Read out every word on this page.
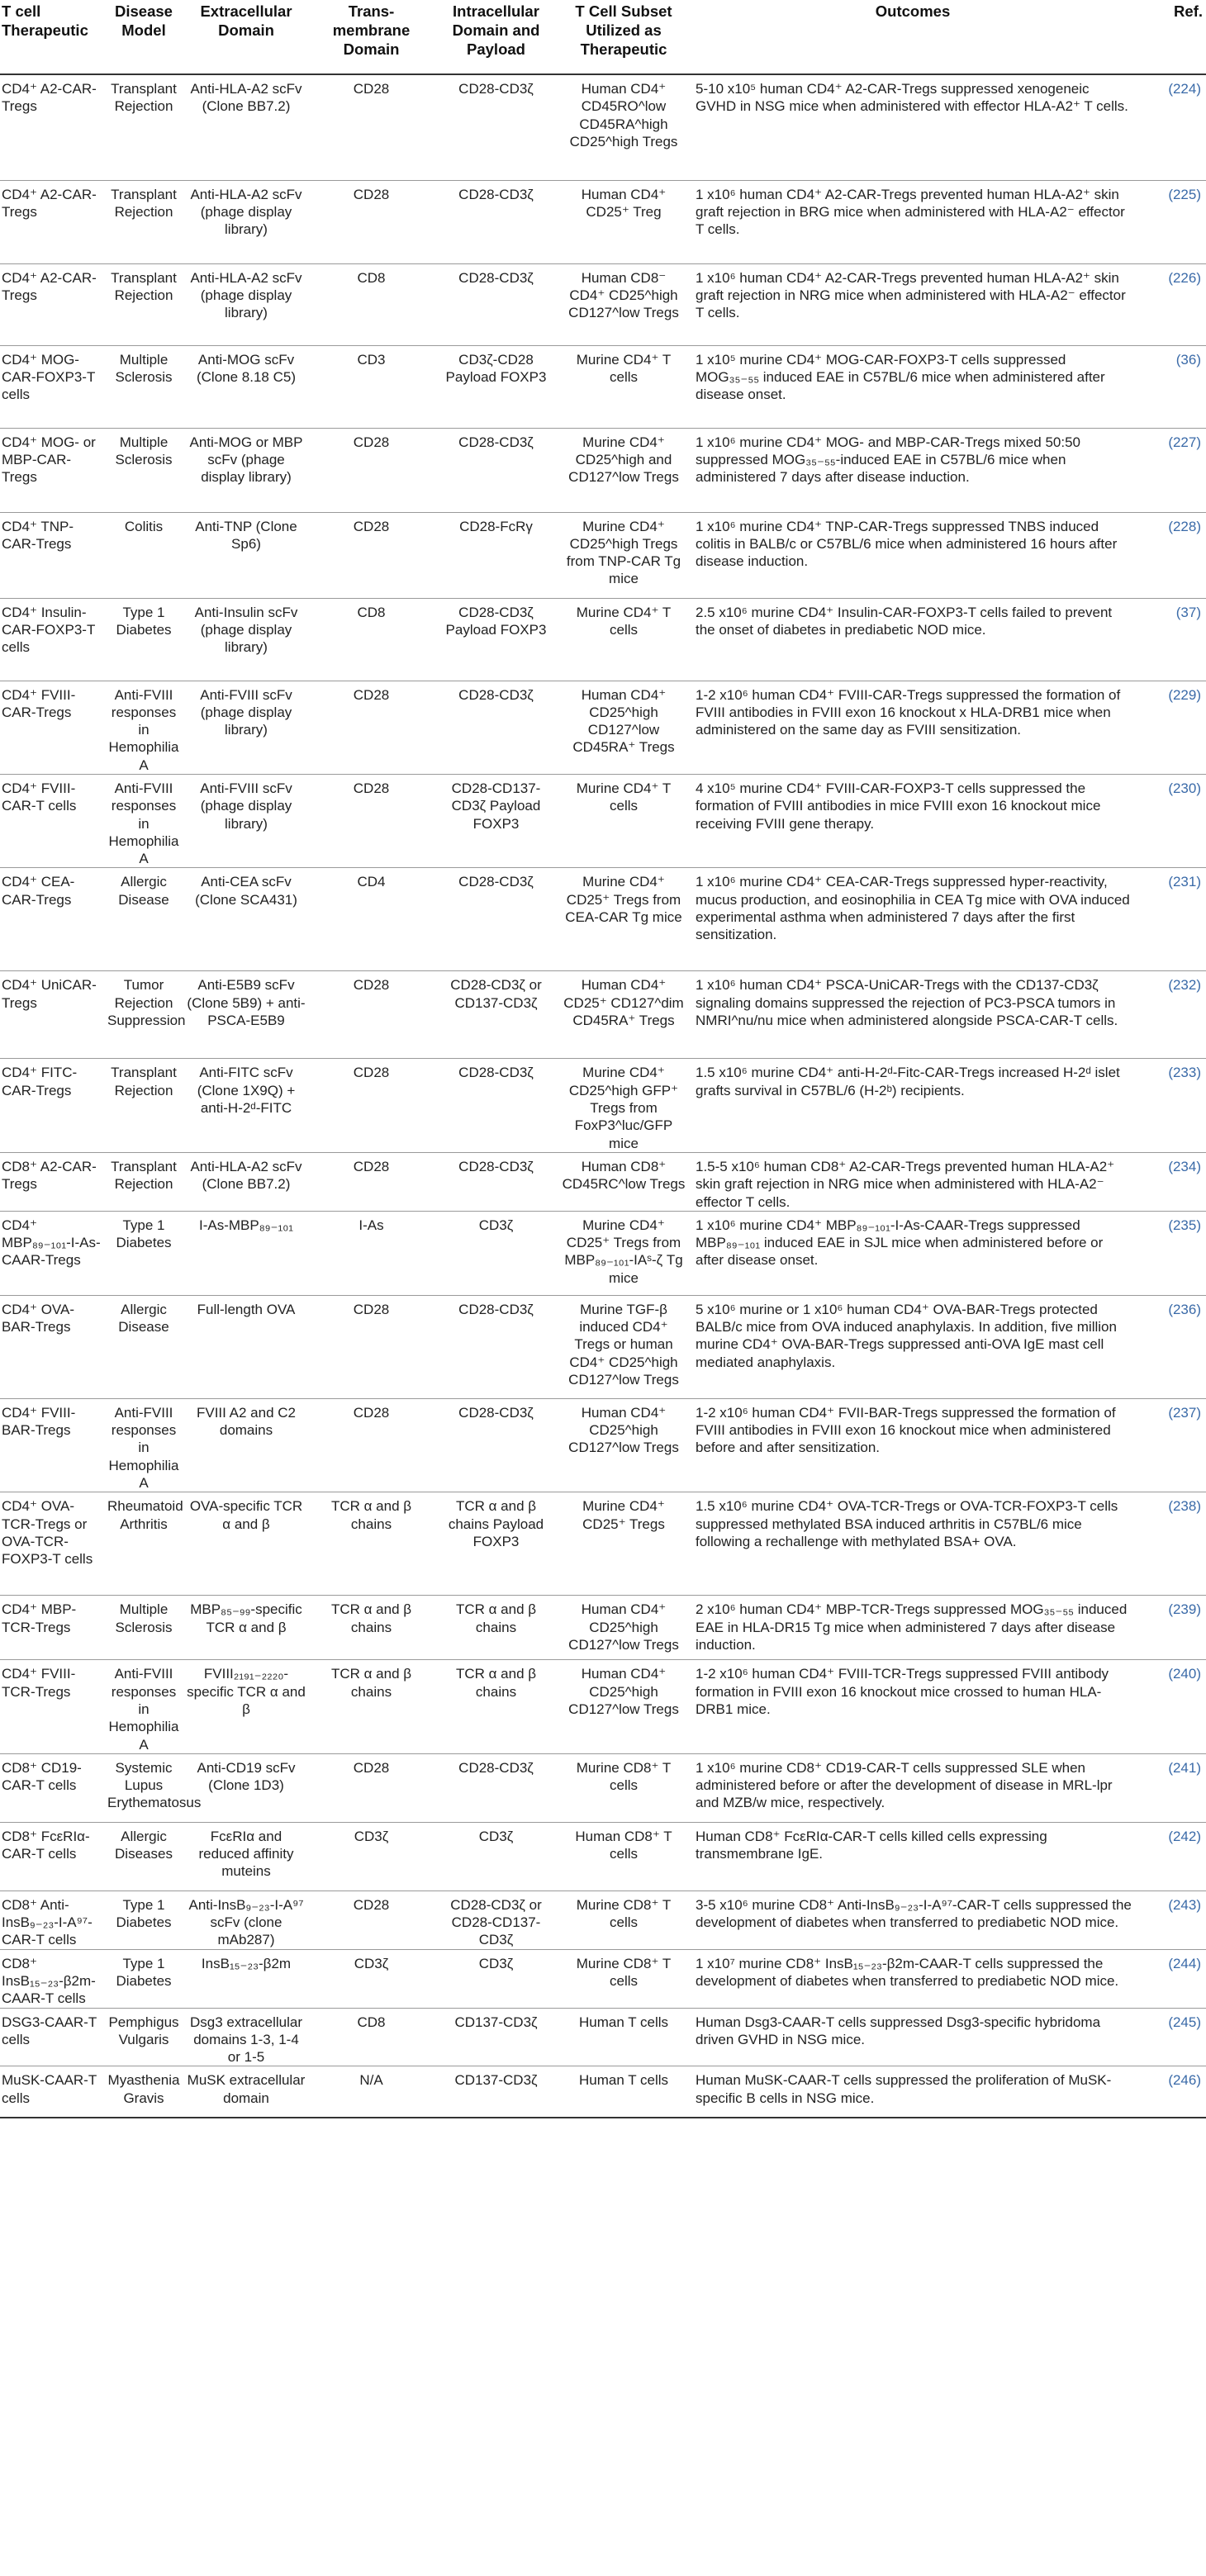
T cell Therapeutic	Disease Model	Extracellular Domain	Trans-membrane Domain	Intracellular Domain and Payload	T Cell Subset Utilized as Therapeutic	Outcomes	Ref.
CD4⁺ A2-CAR-Tregs	Transplant Rejection	Anti-HLA-A2 scFv (Clone BB7.2)	CD28	CD28-CD3ζ	Human CD4⁺ CD45RO^low CD45RA^high CD25^high Tregs	5-10 x10⁵ human CD4⁺ A2-CAR-Tregs suppressed xenogeneic GVHD in NSG mice when administered with effector HLA-A2⁺ T cells.	(224)
CD4⁺ A2-CAR-Tregs	Transplant Rejection	Anti-HLA-A2 scFv (phage display library)	CD28	CD28-CD3ζ	Human CD4⁺ CD25⁺ Treg	1 x10⁶ human CD4⁺ A2-CAR-Tregs prevented human HLA-A2⁺ skin graft rejection in BRG mice when administered with HLA-A2⁻ effector T cells.	(225)
CD4⁺ A2-CAR-Tregs	Transplant Rejection	Anti-HLA-A2 scFv (phage display library)	CD8	CD28-CD3ζ	Human CD8⁻ CD4⁺ CD25^high CD127^low Tregs	1 x10⁶ human CD4⁺ A2-CAR-Tregs prevented human HLA-A2⁺ skin graft rejection in NRG mice when administered with HLA-A2⁻ effector T cells.	(226)
CD4⁺ MOG-CAR-FOXP3-T cells	Multiple Sclerosis	Anti-MOG scFv (Clone 8.18 C5)	CD3	CD3ζ-CD28 Payload FOXP3	Murine CD4⁺ T cells	1 x10⁵ murine CD4⁺ MOG-CAR-FOXP3-T cells suppressed MOG₃₅₋₅₅ induced EAE in C57BL/6 mice when administered after disease onset.	(36)
CD4⁺ MOG- or MBP-CAR-Tregs	Multiple Sclerosis	Anti-MOG or MBP scFv (phage display library)	CD28	CD28-CD3ζ	Murine CD4⁺ CD25^high and CD127^low Tregs	1 x10⁶ murine CD4⁺ MOG- and MBP-CAR-Tregs mixed 50:50 suppressed MOG₃₅₋₅₅-induced EAE in C57BL/6 mice when administered 7 days after disease induction.	(227)
CD4⁺ TNP-CAR-Tregs	Colitis	Anti-TNP (Clone Sp6)	CD28	CD28-FcRγ	Murine CD4⁺ CD25^high Tregs from TNP-CAR Tg mice	1 x10⁶ murine CD4⁺ TNP-CAR-Tregs suppressed TNBS induced colitis in BALB/c or C57BL/6 mice when administered 16 hours after disease induction.	(228)
CD4⁺ Insulin-CAR-FOXP3-T cells	Type 1 Diabetes	Anti-Insulin scFv (phage display library)	CD8	CD28-CD3ζ Payload FOXP3	Murine CD4⁺ T cells	2.5 x10⁶ murine CD4⁺ Insulin-CAR-FOXP3-T cells failed to prevent the onset of diabetes in prediabetic NOD mice.	(37)
CD4⁺ FVIII-CAR-Tregs	Anti-FVIII responses in Hemophilia A	Anti-FVIII scFv (phage display library)	CD28	CD28-CD3ζ	Human CD4⁺ CD25^high CD127^low CD45RA⁺ Tregs	1-2 x10⁶ human CD4⁺ FVIII-CAR-Tregs suppressed the formation of FVIII antibodies in FVIII exon 16 knockout x HLA-DRB1 mice when administered on the same day as FVIII sensitization.	(229)
CD4⁺ FVIII-CAR-T cells	Anti-FVIII responses in Hemophilia A	Anti-FVIII scFv (phage display library)	CD28	CD28-CD137-CD3ζ Payload FOXP3	Murine CD4⁺ T cells	4 x10⁵ murine CD4⁺ FVIII-CAR-FOXP3-T cells suppressed the formation of FVIII antibodies in mice FVIII exon 16 knockout mice receiving FVIII gene therapy.	(230)
CD4⁺ CEA-CAR-Tregs	Allergic Disease	Anti-CEA scFv (Clone SCA431)	CD4	CD28-CD3ζ	Murine CD4⁺ CD25⁺ Tregs from CEA-CAR Tg mice	1 x10⁶ murine CD4⁺ CEA-CAR-Tregs suppressed hyper-reactivity, mucus production, and eosinophilia in CEA Tg mice with OVA induced experimental asthma when administered 7 days after the first sensitization.	(231)
CD4⁺ UniCAR-Tregs	Tumor Rejection Suppression	Anti-E5B9 scFv (Clone 5B9) + anti-PSCA-E5B9	CD28	CD28-CD3ζ or CD137-CD3ζ	Human CD4⁺ CD25⁺ CD127^dim CD45RA⁺ Tregs	1 x10⁶ human CD4⁺ PSCA-UniCAR-Tregs with the CD137-CD3ζ signaling domains suppressed the rejection of PC3-PSCA tumors in NMRI^nu/nu mice when administered alongside PSCA-CAR-T cells.	(232)
CD4⁺ FITC-CAR-Tregs	Transplant Rejection	Anti-FITC scFv (Clone 1X9Q) + anti-H-2ᵈ-FITC	CD28	CD28-CD3ζ	Murine CD4⁺ CD25^high GFP⁺ Tregs from FoxP3^luc/GFP mice	1.5 x10⁶ murine CD4⁺ anti-H-2ᵈ-Fitc-CAR-Tregs increased H-2ᵈ islet grafts survival in C57BL/6 (H-2ᵇ) recipients.	(233)
CD8⁺ A2-CAR-Tregs	Transplant Rejection	Anti-HLA-A2 scFv (Clone BB7.2)	CD28	CD28-CD3ζ	Human CD8⁺ CD45RC^low Tregs	1.5-5 x10⁶ human CD8⁺ A2-CAR-Tregs prevented human HLA-A2⁺ skin graft rejection in NRG mice when administered with HLA-A2⁻ effector T cells.	(234)
CD4⁺ MBP₈₉₋₁₀₁-I-As- CAAR-Tregs	Type 1 Diabetes	I-As-MBP₈₉₋₁₀₁	I-As	CD3ζ	Murine CD4⁺ CD25⁺ Tregs from MBP₈₉₋₁₀₁-IAˢ-ζ Tg mice	1 x10⁶ murine CD4⁺ MBP₈₉₋₁₀₁-I-As-CAAR-Tregs suppressed MBP₈₉₋₁₀₁ induced EAE in SJL mice when administered before or after disease onset.	(235)
CD4⁺ OVA-BAR-Tregs	Allergic Disease	Full-length OVA	CD28	CD28-CD3ζ	Murine TGF-β induced CD4⁺ Tregs or human CD4⁺ CD25^high CD127^low Tregs	5 x10⁶ murine or 1 x10⁶ human CD4⁺ OVA-BAR-Tregs protected BALB/c mice from OVA induced anaphylaxis. In addition, five million murine CD4⁺ OVA-BAR-Tregs suppressed anti-OVA IgE mast cell mediated anaphylaxis.	(236)
CD4⁺ FVIII-BAR-Tregs	Anti-FVIII responses in Hemophilia A	FVIII A2 and C2 domains	CD28	CD28-CD3ζ	Human CD4⁺ CD25^high CD127^low Tregs	1-2 x10⁶ human CD4⁺ FVII-BAR-Tregs suppressed the formation of FVIII antibodies in FVIII exon 16 knockout mice when administered before and after sensitization.	(237)
CD4⁺ OVA-TCR-Tregs or OVA-TCR-FOXP3-T cells	Rheumatoid Arthritis	OVA-specific TCR α and β	TCR α and β chains	TCR α and β chains Payload FOXP3	Murine CD4⁺ CD25⁺ Tregs	1.5 x10⁶ murine CD4⁺ OVA-TCR-Tregs or OVA-TCR-FOXP3-T cells suppressed methylated BSA induced arthritis in C57BL/6 mice following a rechallenge with methylated BSA+ OVA.	(238)
CD4⁺ MBP-TCR-Tregs	Multiple Sclerosis	MBP₈₅₋₉₉-specific TCR α and β	TCR α and β chains	TCR α and β chains	Human CD4⁺ CD25^high CD127^low Tregs	2 x10⁶ human CD4⁺ MBP-TCR-Tregs suppressed MOG₃₅₋₅₅ induced EAE in HLA-DR15 Tg mice when administered 7 days after disease induction.	(239)
CD4⁺ FVIII-TCR-Tregs	Anti-FVIII responses in Hemophilia A	FVIII₂₁₉₁₋₂₂₂₀-specific TCR α and β	TCR α and β chains	TCR α and β chains	Human CD4⁺ CD25^high CD127^low Tregs	1-2 x10⁶ human CD4⁺ FVIII-TCR-Tregs suppressed FVIII antibody formation in FVIII exon 16 knockout mice crossed to human HLA-DRB1 mice.	(240)
CD8⁺ CD19-CAR-T cells	Systemic Lupus Erythematosus	Anti-CD19 scFv (Clone 1D3)	CD28	CD28-CD3ζ	Murine CD8⁺ T cells	1 x10⁶ murine CD8⁺ CD19-CAR-T cells suppressed SLE when administered before or after the development of disease in MRL-lpr and MZB/w mice, respectively.	(241)
CD8⁺ FcεRIα-CAR-T cells	Allergic Diseases	FcεRIα and reduced affinity muteins	CD3ζ	CD3ζ	Human CD8⁺ T cells	Human CD8⁺ FcεRIα-CAR-T cells killed cells expressing transmembrane IgE.	(242)
CD8⁺ Anti-InsB₉₋₂₃-I-A⁹⁷-CAR-T cells	Type 1 Diabetes	Anti-InsB₉₋₂₃-I-A⁹⁷ scFv (clone mAb287)	CD28	CD28-CD3ζ or CD28-CD137-CD3ζ	Murine CD8⁺ T cells	3-5 x10⁶ murine CD8⁺ Anti-InsB₉₋₂₃-I-A⁹⁷-CAR-T cells suppressed the development of diabetes when transferred to prediabetic NOD mice.	(243)
CD8⁺ InsB₁₅₋₂₃-β2m-CAAR-T cells	Type 1 Diabetes	InsB₁₅₋₂₃-β2m	CD3ζ	CD3ζ	Murine CD8⁺ T cells	1 x10⁷ murine CD8⁺ InsB₁₅₋₂₃-β2m-CAAR-T cells suppressed the development of diabetes when transferred to prediabetic NOD mice.	(244)
DSG3-CAAR-T cells	Pemphigus Vulgaris	Dsg3 extracellular domains 1-3, 1-4 or 1-5	CD8	CD137-CD3ζ	Human T cells	Human Dsg3-CAAR-T cells suppressed Dsg3-specific hybridoma driven GVHD in NSG mice.	(245)
MuSK-CAAR-T cells	Myasthenia Gravis	MuSK extracellular domain	N/A	CD137-CD3ζ	Human T cells	Human MuSK-CAAR-T cells suppressed the proliferation of MuSK-specific B cells in NSG mice.	(246)
